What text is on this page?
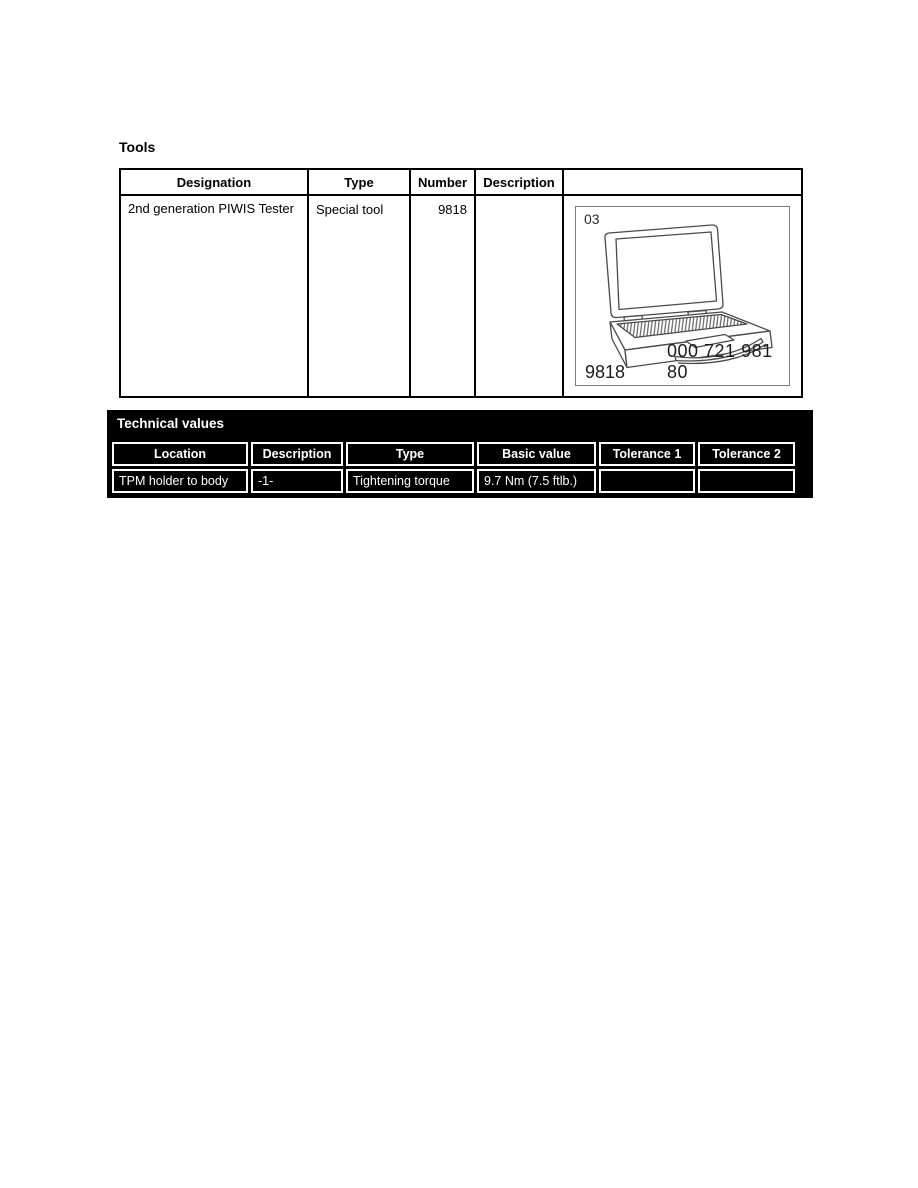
Tools
Designation	Type	Number	Description	
2nd generation PIWIS Tester	Special tool	9818		03
9818
000 721 981 80
Technical values
Location	Description	Type	Basic value	Tolerance 1	Tolerance 2
TPM holder to body	-1-	Tightening torque	9.7 Nm (7.5 ftlb.)		
